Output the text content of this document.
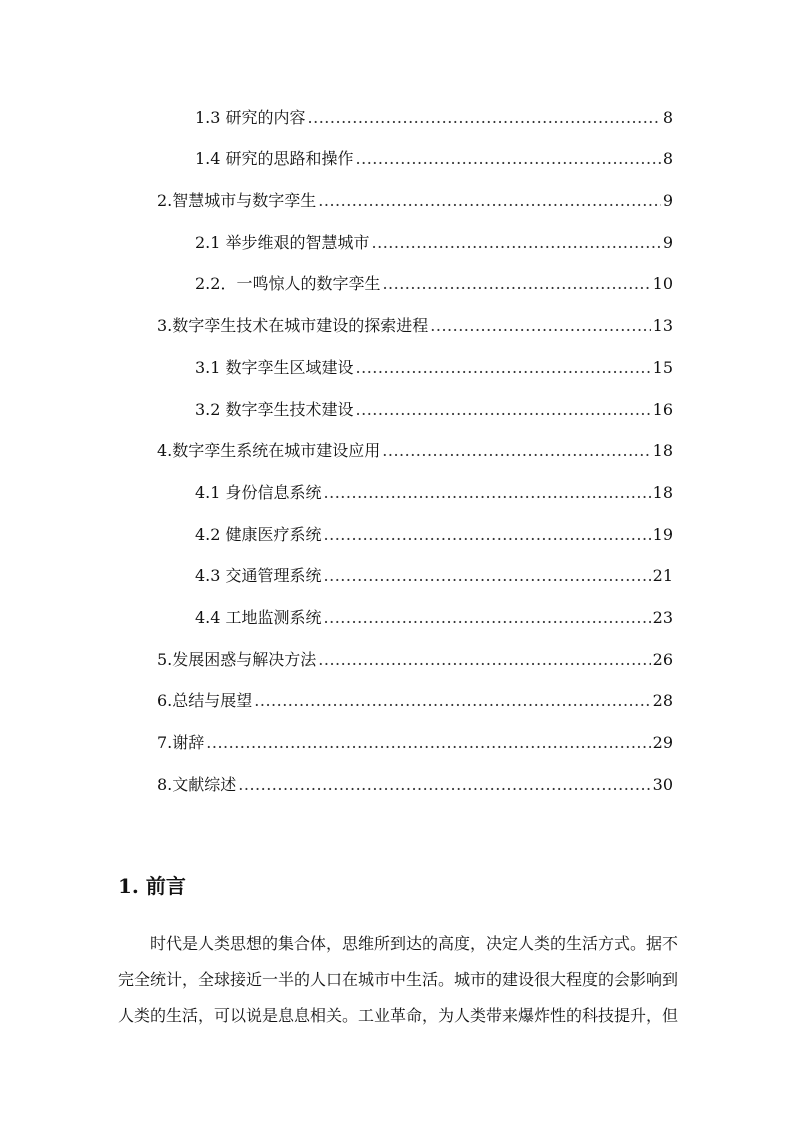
1.3 研究的内容 .....	8
1.4 研究的思路和操作 .....	8
2.智慧城市与数字孪生 .....	9
2.1 举步维艰的智慧城市 .....	9
2.2．一鸣惊人的数字孪生 .....	10
3.数字孪生技术在城市建设的探索进程 .....	13
3.1 数字孪生区域建设 .....	15
3.2 数字孪生技术建设 .....	16
4.数字孪生系统在城市建设应用 .....	18
4.1 身份信息系统 .....	18
4.2 健康医疗系统 .....	19
4.3 交通管理系统 .....	21
4.4 工地监测系统 .....	23
5.发展困惑与解决方法 .....	26
6.总结与展望 .....	28
7.谢辞 .....	29
8.文献综述 .....	30
1. 前言
时代是人类思想的集合体，思维所到达的高度，决定人类的生活方式。据不
完全统计，全球接近一半的人口在城市中生活。城市的建设很大程度的会影响到
人类的生活，可以说是息息相关。工业革命，为人类带来爆炸性的科技提升，但
